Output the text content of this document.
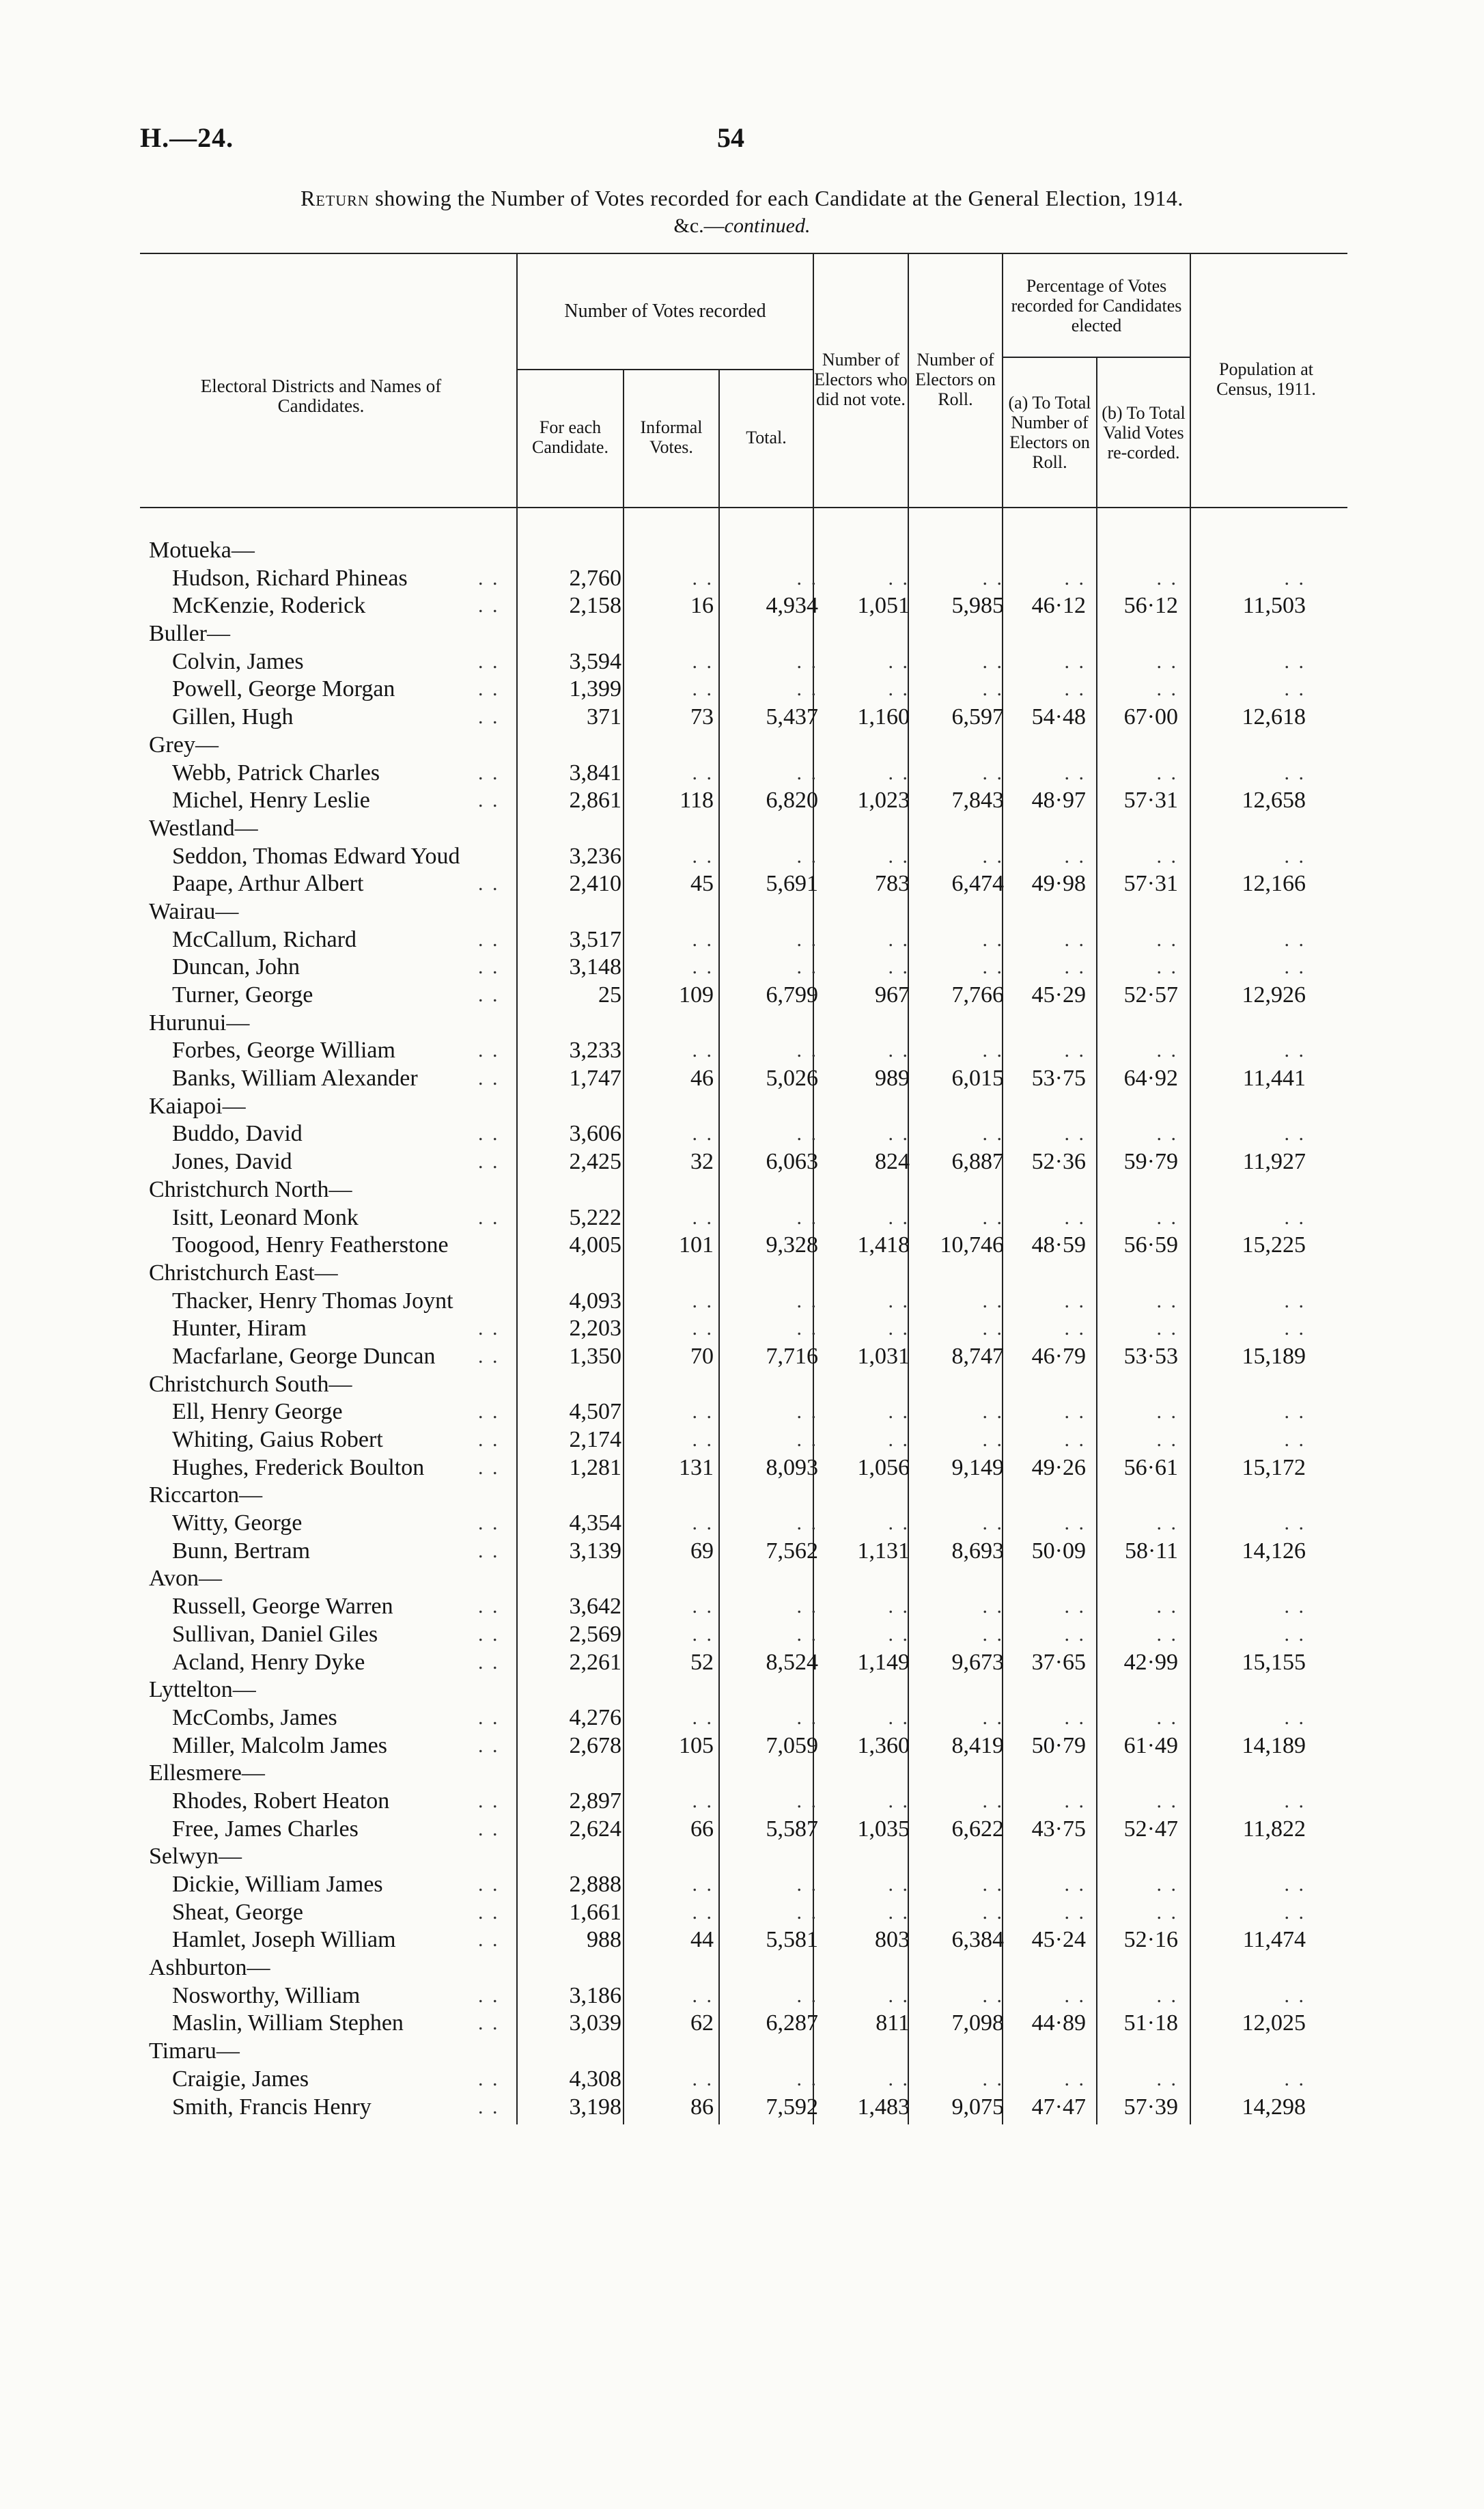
H.—24.	54
Return showing the Number of Votes recorded for each Candidate at the General Election, 1914.
&c.—continued.
Electoral Districts and Names of Candidates.
Number of Votes recorded
For each Candidate.
Informal Votes.	Total.
Number of Electors who did not vote.
Number of Electors on Roll.
Percentage of Votes recorded for Candidates elected
(a) To Total Number of Electors on Roll.
(b) To Total Valid Votes re-corded.
Population at Census, 1911.
Motueka—
Hudson, Richard Phineas	. .	2,760	. .	. .	. .	. .	. .	. .	. .
McKenzie, Roderick	. .	2,158	16 4,934 1,051 5,985 46·12 56·12	11,503
Buller—
Colvin, James	. .	3,594	. .	. .	. .	. .	. .	. .	. .
Powell, George Morgan	. .	1,399	. .	. .	. .	. .	. .	. .	. .
Gillen, Hugh	. .	371	73 5,437 1,160 6,597 54·48 67·00	12,618
Grey—
Webb, Patrick Charles	. .	3,841	. .	. .	. .	. .	. .	. .	. .
Michel, Henry Leslie	. .	2,861	118 6,820 1,023 7,843 48·97 57·31	12,658
Westland—
Seddon, Thomas Edward Youd	3,236	. .	. .	. .	. .	. .	. .	. .
Paape, Arthur Albert	. .	2,410	45 5,691 783 6,474 49·98 57·31	12,166
Wairau—
McCallum, Richard	. .	3,517	. .	. .	. .	. .	. .	. .	. .
Duncan, John	. .	3,148	. .	. .	. .	. .	. .	. .	. .
Turner, George	. .	25 109 6,799 967 7,766 45·29 52·57	12,926
Hurunui—
Forbes, George William	. .	3,233	. .	. .	. .	. .	. .	. .	. .
Banks, William Alexander	. .	1,747	46 5,026 989 6,015 53·75 64·92	11,441
Kaiapoi—
Buddo, David	. .	3,606	. .	. .	. .	. .	. .	. .	. .
Jones, David	. .	2,425	32 6,063 824 6,887 52·36 59·79	11,927
Christchurch North—
Isitt, Leonard Monk	. .	5,222	. .	. .	. .	. .	. .	. .	. .
Toogood, Henry Featherstone	4,005 101 9,328 1,418 10,746 48·59 56·59	15,225
Christchurch East—
Thacker, Henry Thomas Joynt	4,093	. .	. .	. .	. .	. .	. .	. .
Hunter, Hiram	. .	2,203	. .	. .	. .	. .	. .	. .	. .
Macfarlane, George Duncan . .	1,350	70 7,716 1,031 8,747 46·79 53·53	15,189
Christchurch South—
Ell, Henry George	. .	4,507	. .	. .	. .	. .	. .	. .	. .
Whiting, Gaius Robert	. .	2,174	. .	. .	. .	. .	. .	. .	. .
Hughes, Frederick Boulton	. .	1,281 131 8,093 1,056 9,149 49·26 56·61	15,172
Riccarton—
Witty, George	. .	4,354	. .	. .	. .	. .	. .	. .	. .
Bunn, Bertram	. .	3,139	69 7,562 1,131 8,693 50·09 58·11	14,126
Avon—
Russell, George Warren	. .	3,642	. .	. .	. .	. .	. .	. .	. .
Sullivan, Daniel Giles	. .	2,569	. .	. .	. .	. .	. .	. .	. .
Acland, Henry Dyke	. .	2,261	52 8,524 1,149 9,673 37·65 42·99	15,155
Lyttelton—
McCombs, James	. .	4,276	. .	. .	. .	. .	. .	. .	. .
Miller, Malcolm James	. .	2,678 105 7,059 1,360 8,419 50·79 61·49	14,189
Ellesmere—
Rhodes, Robert Heaton	. .	2,897	. .	. .	. .	. .	. .	. .	. .
Free, James Charles	. .	2,624	66 5,587 1,035 6,622 43·75 52·47	11,822
Selwyn—
Dickie, William James	. .	2,888	. .	. .	. .	. .	. .	. .	. .
Sheat, George	. .	1,661	. .	. .	. .	. .	. .	. .	. .
Hamlet, Joseph William	. .	988	44 5,581 803 6,384 45·24 52·16	11,474
Ashburton—
Nosworthy, William	. .	3,186	. .	. .	. .	. .	. .	. .	. .
Maslin, William Stephen	. .	3,039	62 6,287 811 7,098 44·89 51·18	12,025
Timaru—
Craigie, James	. .	4,308	. .	. .	. .	. .	. .	. .	. .
Smith, Francis Henry	. .	3,198	86 7,592 1,483 9,075 47·47 57·39	14,298
